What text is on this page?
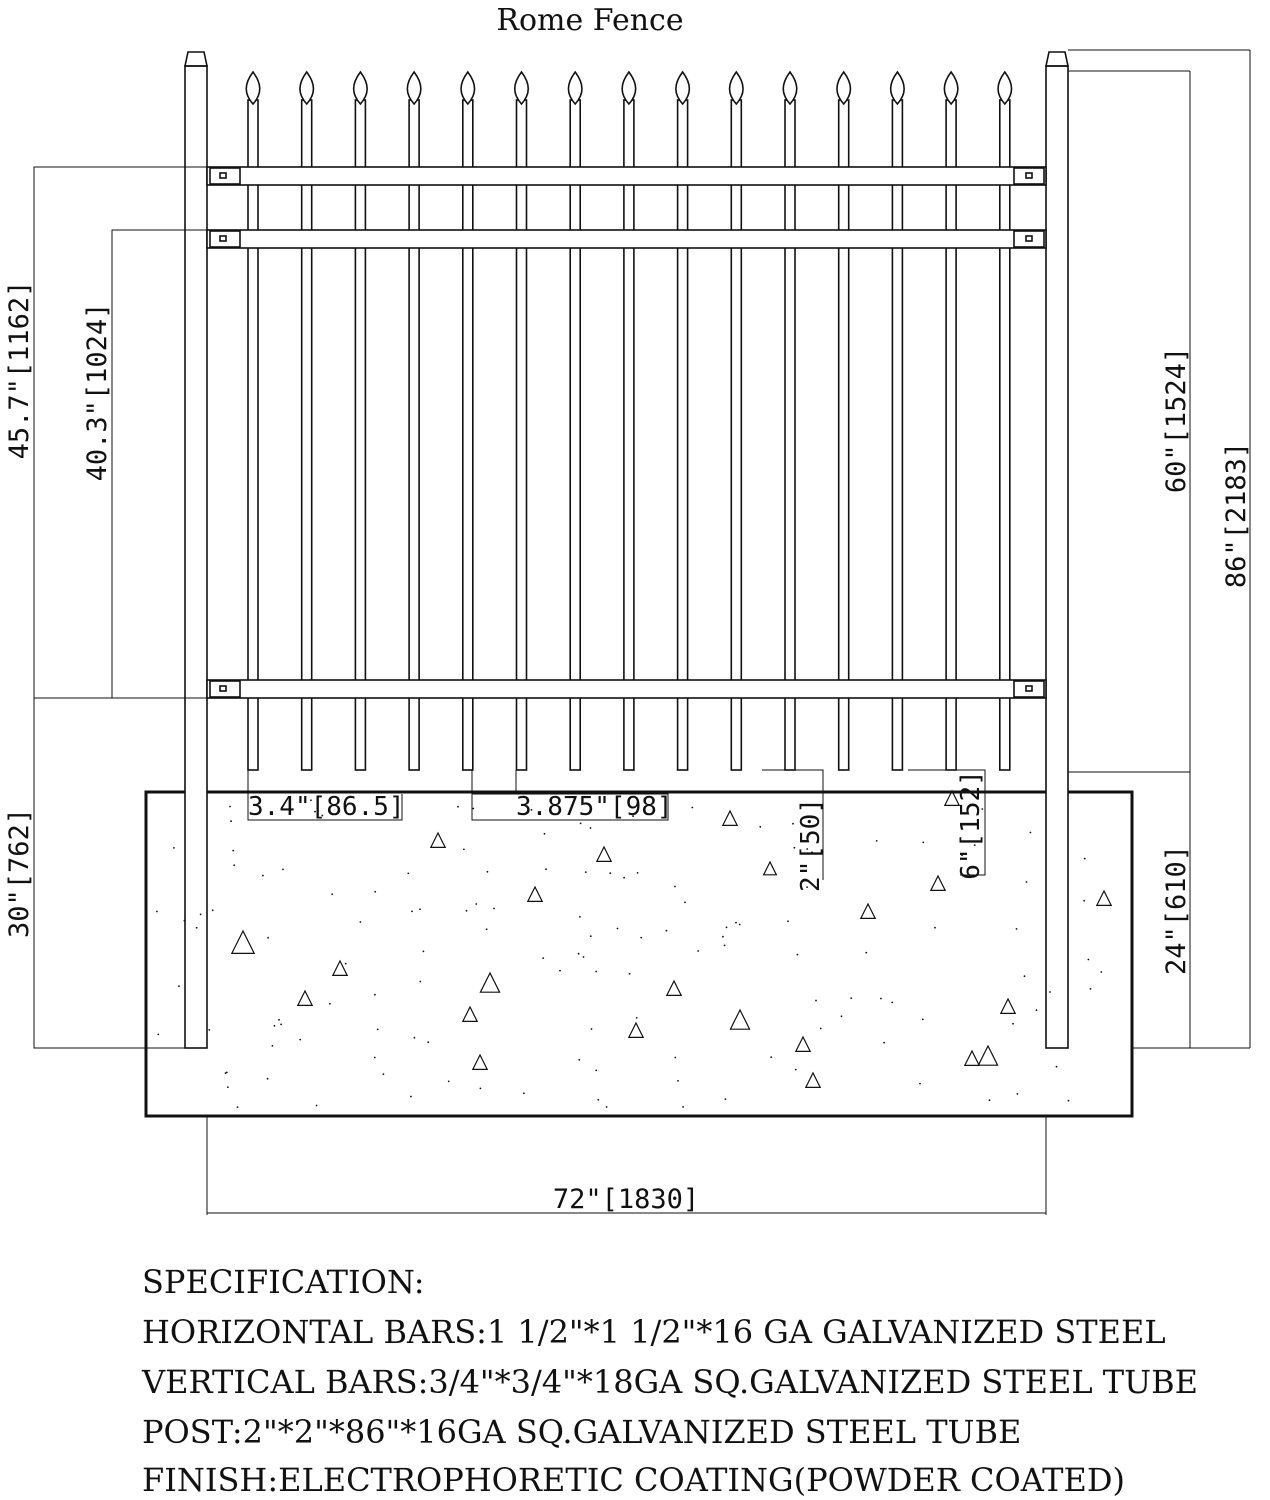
Rome Fence
45.7"[1162] 40.3"[1024]
30"[762]
60"[1524]
86"[2183]
24"[610]
3.4"[86.5]	3.875"[98]	2"[50]	6"[152]
72"[1830]
SPECIFICATION:
HORIZONTAL BARS:1 1/2"*1 1/2"*16 GA GALVANIZED STEEL
VERTICAL BARS:3/4"*3/4"*18GA SQ.GALVANIZED STEEL TUBE
POST:2"*2"*86"*16GA SQ.GALVANIZED STEEL TUBE
FINISH:ELECTROPHORETIC COATING(POWDER COATED)
